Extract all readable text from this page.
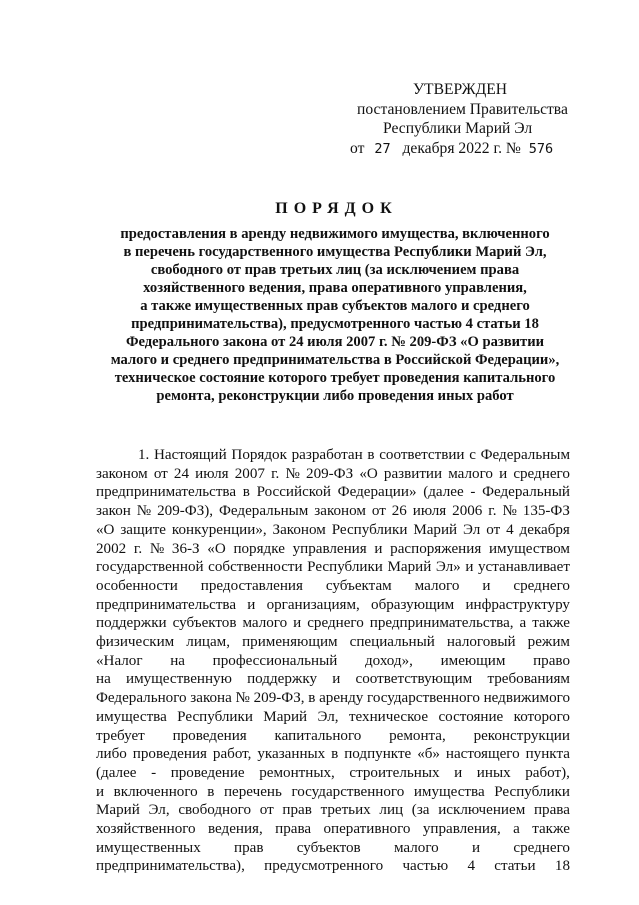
УТВЕРЖДЕН
постановлением Правительства
Республики Марий Эл
от 27 декабря 2022 г. № 576
ПОРЯДОК
предоставления в аренду недвижимого имущества, включенного
в перечень государственного имущества Республики Марий Эл,
свободного от прав третьих лиц (за исключением права
хозяйственного ведения, права оперативного управления,
а также имущественных прав субъектов малого и среднего
предпринимательства), предусмотренного частью 4 статьи 18
Федерального закона от 24 июля 2007 г. № 209-ФЗ «О развитии
малого и среднего предпринимательства в Российской Федерации»,
техническое состояние которого требует проведения капитального
ремонта, реконструкции либо проведения иных работ
1. Настоящий Порядок разработан в соответствии с Федеральным
законом от 24 июля 2007 г. № 209-ФЗ «О развитии малого и среднего
предпринимательства в Российской Федерации» (далее - Федеральный
закон № 209-ФЗ), Федеральным законом от 26 июля 2006 г. № 135-ФЗ
«О защите конкуренции», Законом Республики Марий Эл от 4 декабря
2002 г. № 36-З «О порядке управления и распоряжения имуществом
государственной собственности Республики Марий Эл» и устанавливает
особенности предоставления субъектам малого и среднего
предпринимательства и организациям, образующим инфраструктуру
поддержки субъектов малого и среднего предпринимательства, а также
физическим лицам, применяющим специальный налоговый режим
«Налог на профессиональный доход», имеющим право
на имущественную поддержку и соответствующим требованиям
Федерального закона № 209-ФЗ, в аренду государственного недвижимого
имущества Республики Марий Эл, техническое состояние которого
требует проведения капитального ремонта, реконструкции
либо проведения работ, указанных в подпункте «б» настоящего пункта
(далее - проведение ремонтных, строительных и иных работ),
и включенного в перечень государственного имущества Республики
Марий Эл, свободного от прав третьих лиц (за исключением права
хозяйственного ведения, права оперативного управления, а также
имущественных прав субъектов малого и среднего
предпринимательства), предусмотренного частью 4 статьи 18
